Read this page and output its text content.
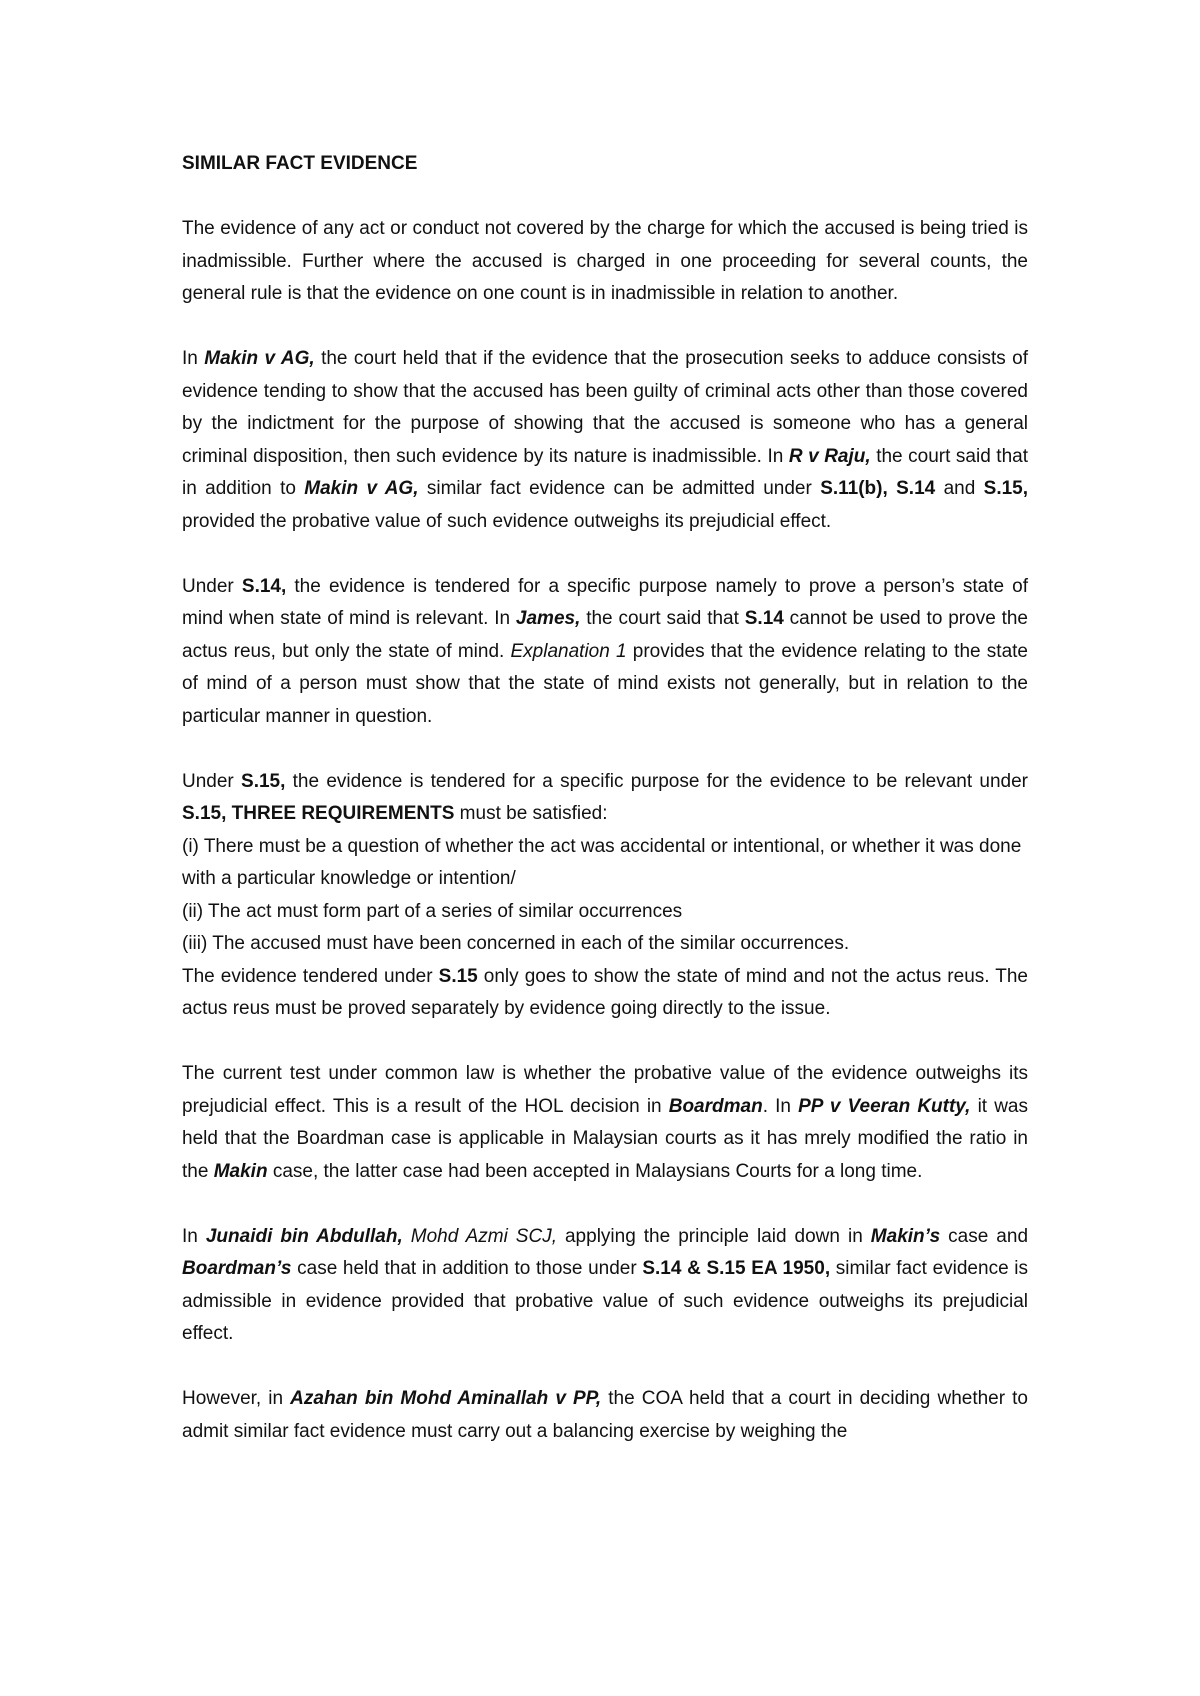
SIMILAR FACT EVIDENCE

The evidence of any act or conduct not covered by the charge for which the accused is being tried is inadmissible. Further where the accused is charged in one proceeding for several counts, the general rule is that the evidence on one count is in inadmissible in relation to another.

In Makin v AG, the court held that if the evidence that the prosecution seeks to adduce consists of evidence tending to show that the accused has been guilty of criminal acts other than those covered by the indictment for the purpose of showing that the accused is someone who has a general criminal disposition, then such evidence by its nature is inadmissible. In R v Raju, the court said that in addition to Makin v AG, similar fact evidence can be admitted under S.11(b), S.14 and S.15, provided the probative value of such evidence outweighs its prejudicial effect.

Under S.14, the evidence is tendered for a specific purpose namely to prove a person’s state of mind when state of mind is relevant. In James, the court said that S.14 cannot be used to prove the actus reus, but only the state of mind. Explanation 1 provides that the evidence relating to the state of mind of a person must show that the state of mind exists not generally, but in relation to the particular manner in question.

Under S.15, the evidence is tendered for a specific purpose for the evidence to be relevant under S.15, THREE REQUIREMENTS must be satisfied:

(i) There must be a question of whether the act was accidental or intentional, or whether it was done with a particular knowledge or intention/

(ii) The act must form part of a series of similar occurrences

(iii) The accused must have been concerned in each of the similar occurrences.

The evidence tendered under S.15 only goes to show the state of mind and not the actus reus. The actus reus must be proved separately by evidence going directly to the issue.

The current test under common law is whether the probative value of the evidence outweighs its prejudicial effect. This is a result of the HOL decision in Boardman. In PP v Veeran Kutty, it was held that the Boardman case is applicable in Malaysian courts as it has mrely modified the ratio in the Makin case, the latter case had been accepted in Malaysians Courts for a long time.

In Junaidi bin Abdullah, Mohd Azmi SCJ, applying the principle laid down in Makin’s case and Boardman’s case held that in addition to those under S.14 & S.15 EA 1950, similar fact evidence is admissible in evidence provided that probative value of such evidence outweighs its prejudicial effect.

However, in Azahan bin Mohd Aminallah v PP, the COA held that a court in deciding whether to admit similar fact evidence must carry out a balancing exercise by weighing the
